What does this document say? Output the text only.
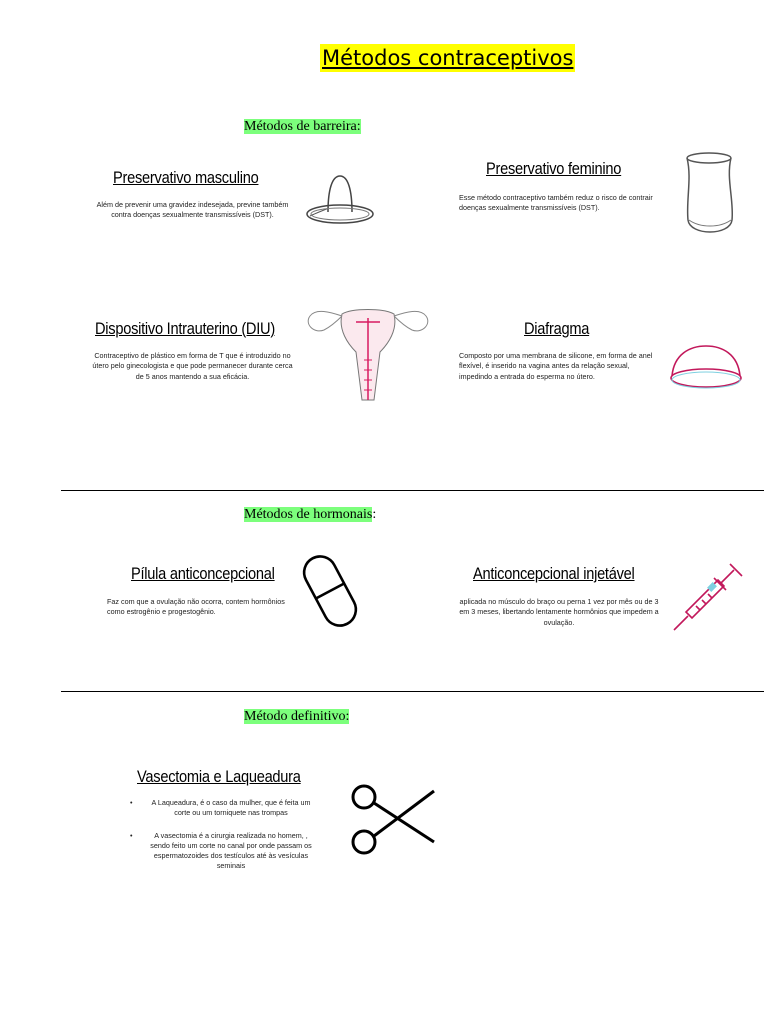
Métodos contraceptivos
Métodos de barreira:
Preservativo masculino
Além de prevenir uma gravidez indesejada, previne também contra doenças sexualmente transmissíveis (DST).
Preservativo feminino
Esse método contraceptivo também reduz o risco de contrair doenças sexualmente transmissíveis (DST).
Dispositivo Intrauterino (DIU)
Contraceptivo de plástico em forma de T que é introduzido no útero pelo ginecologista e que pode permanecer durante cerca de 5 anos mantendo a sua eficácia.
Diafragma
Composto por uma membrana de silicone, em forma de anel flexível, é inserido na vagina antes da relação sexual, impedindo a entrada do esperma no útero.
Métodos de hormonais:
Pílula anticoncepcional
Faz com que a ovulação não ocorra, contem hormônios como estrogênio e progestogênio.
Anticoncepcional injetável
aplicada no músculo do braço ou perna 1 vez por mês ou de 3 em 3 meses, libertando lentamente hormônios que impedem a ovulação.
Método definitivo:
Vasectomia e Laqueadura
•	A Laqueadura, é o caso da mulher, que é feita um corte ou um torniquete nas trompas
•	A vasectomia é a cirurgia realizada no homem, , sendo feito um corte no canal por onde passam os espermatozoides dos testículos até às vesículas seminais
